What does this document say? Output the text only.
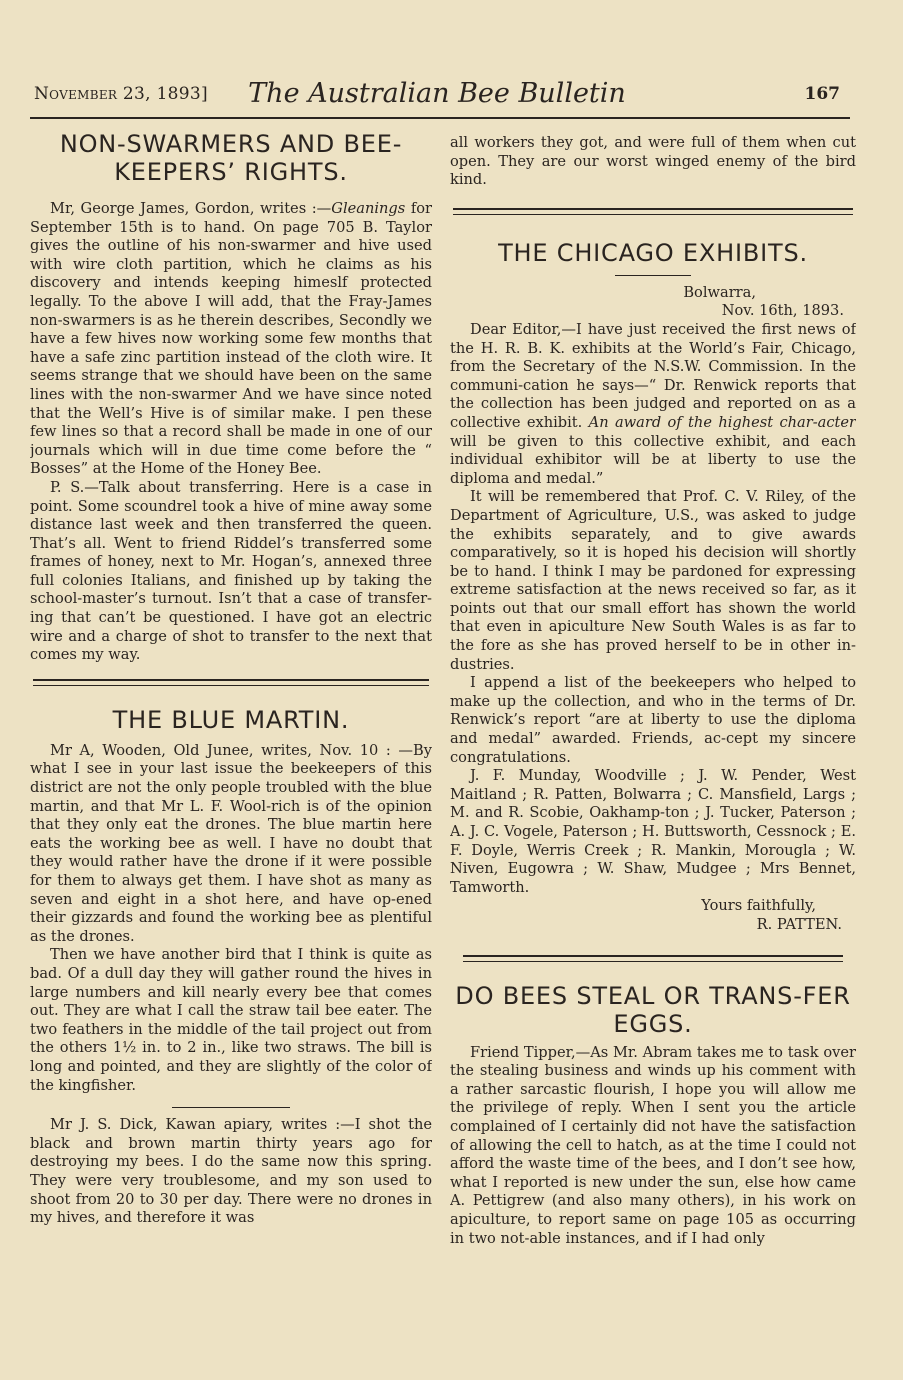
November 23, 1893]	The Australian Bee Bulletin	167
NON-SWARMERS AND BEE-KEEPERS’ RIGHTS.

Mr, George James, Gordon, writes :—Gleanings for September 15th is to hand. On page 705 B. Taylor gives the outline of his non-swarmer and hive used with wire cloth partition, which he claims as his discovery and intends keeping himeslf protected legally. To the above I will add, that the Fray-James non-swarmers is as he therein describes, Secondly we have a few hives now working some few months that have a safe zinc partition instead of the cloth wire. It seems strange that we should have been on the same lines with the non-swarmer And we have since noted that the Well’s Hive is of similar make. I pen these few lines so that a record shall be made in one of our journals which will in due time come before the “ Bosses” at the Home of the Honey Bee.

P. S.—Talk about transferring. Here is a case in point. Some scoundrel took a hive of mine away some distance last week and then transferred the queen. That’s all. Went to friend Riddel’s transferred some frames of honey, next to Mr. Hogan’s, annexed three full colonies Italians, and finished up by taking the school-master’s turnout. Isn’t that a case of transfer-ing that can’t be questioned. I have got an electric wire and a charge of shot to transfer to the next that comes my way.

THE BLUE MARTIN.

Mr A, Wooden, Old Junee, writes, Nov. 10 : —By what I see in your last issue the beekeepers of this district are not the only people troubled with the blue martin, and that Mr L. F. Wool-rich is of the opinion that they only eat the drones. The blue martin here eats the working bee as well. I have no doubt that they would rather have the drone if it were possible for them to always get them. I have shot as many as seven and eight in a shot here, and have op-ened their gizzards and found the working bee as plentiful as the drones.

Then we have another bird that I think is quite as bad. Of a dull day they will gather round the hives in large numbers and kill nearly every bee that comes out. They are what I call the straw tail bee eater. The two feathers in the middle of the tail project out from the others 1½ in. to 2 in., like two straws. The bill is long and pointed, and they are slightly of the color of the kingfisher.

Mr J. S. Dick, Kawan apiary, writes :—I shot the black and brown martin thirty years ago for destroying my bees. I do the same now this spring. They were very troublesome, and my son used to shoot from 20 to 30 per day. There were no drones in my hives, and therefore it was

all workers they got, and were full of them when cut open. They are our worst winged enemy of the bird kind.

THE CHICAGO EXHIBITS.

Bolwarra,

Nov. 16th, 1893.

Dear Editor,—I have just received the first news of the H. R. B. K. exhibits at the World’s Fair, Chicago, from the Secretary of the N.S.W. Commission. In the communi-cation he says—“ Dr. Renwick reports that the collection has been judged and reported on as a collective exhibit. An award of the highest char-acter will be given to this collective exhibit, and each individual exhibitor will be at liberty to use the diploma and medal.”

It will be remembered that Prof. C. V. Riley, of the Department of Agriculture, U.S., was asked to judge the exhibits separately, and to give awards comparatively, so it is hoped his decision will shortly be to hand. I think I may be pardoned for expressing extreme satisfaction at the news received so far, as it points out that our small effort has shown the world that even in apiculture New South Wales is as far to the fore as she has proved herself to be in other in-dustries.

I append a list of the beekeepers who helped to make up the collection, and who in the terms of Dr. Renwick’s report “are at liberty to use the diploma and medal” awarded. Friends, ac-cept my sincere congratulations.

J. F. Munday, Woodville ; J. W. Pender, West Maitland ; R. Patten, Bolwarra ; C. Mansfield, Largs ; M. and R. Scobie, Oakhamp-ton ; J. Tucker, Paterson ; A. J. C. Vogele, Paterson ; H. Buttsworth, Cessnock ; E. F. Doyle, Werris Creek ; R. Mankin, Morougla ; W. Niven, Eugowra ; W. Shaw, Mudgee ; Mrs Bennet, Tamworth.

Yours faithfully,

R. PATTEN.

DO BEES STEAL OR TRANS-FER EGGS.

Friend Tipper,—As Mr. Abram takes me to task over the stealing business and winds up his comment with a rather sarcastic flourish, I hope you will allow me the privilege of reply. When I sent you the article complained of I certainly did not have the satisfaction of allowing the cell to hatch, as at the time I could not afford the waste time of the bees, and I don’t see how, what I reported is new under the sun, else how came A. Pettigrew (and also many others), in his work on apiculture, to report same on page 105 as occurring in two not-able instances, and if I had only
